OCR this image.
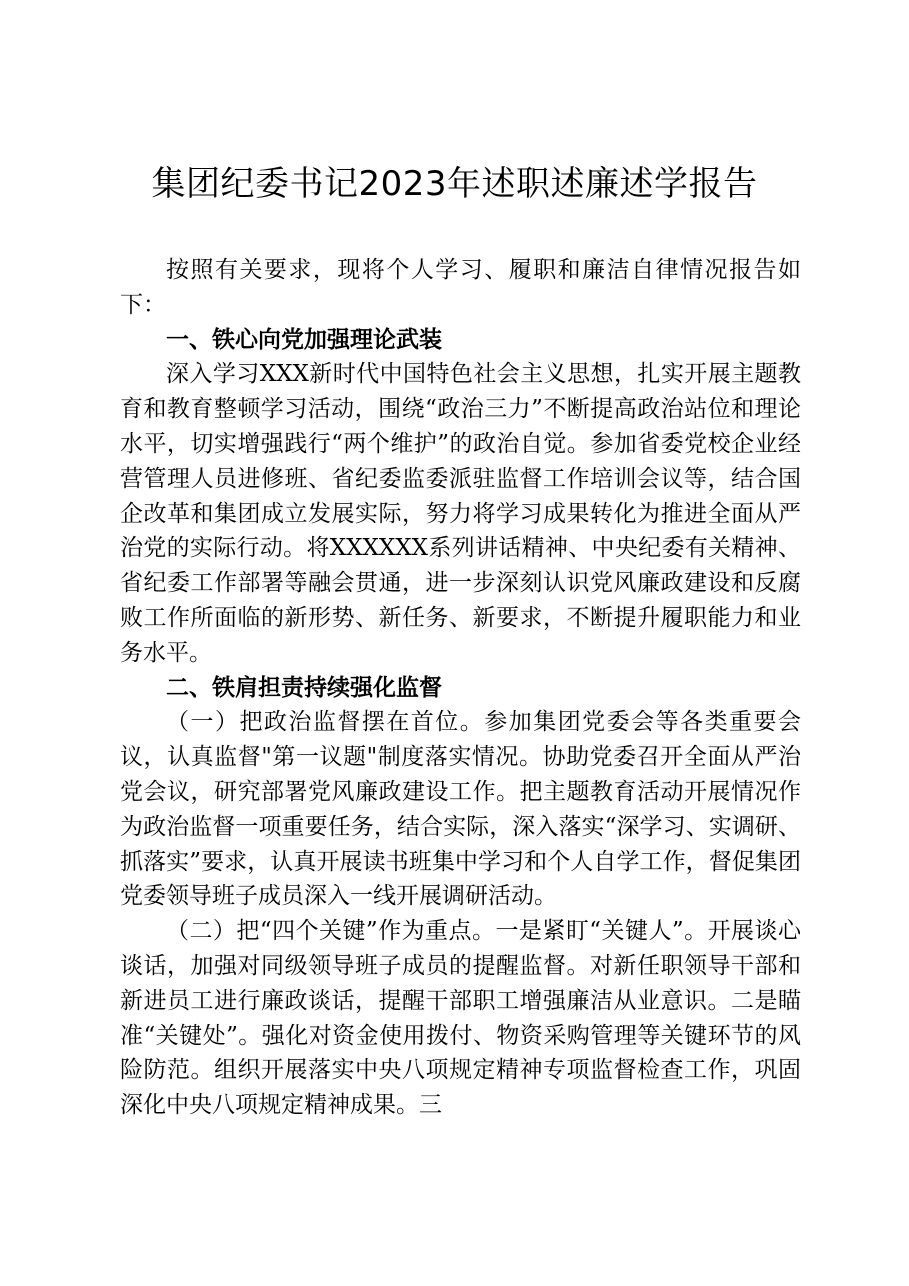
集团纪委书记2023年述职述廉述学报告

按照有关要求，现将个人学习、履职和廉洁自律情况报告如下：

一、铁心向党加强理论武装

深入学习XXX新时代中国特色社会主义思想，扎实开展主题教育和教育整顿学习活动，围绕“政治三力”不断提高政治站位和理论水平，切实增强践行“两个维护”的政治自觉。参加省委党校企业经营管理人员进修班、省纪委监委派驻监督工作培训会议等，结合国企改革和集团成立发展实际，努力将学习成果转化为推进全面从严治党的实际行动。将XXXXXX系列讲话精神、中央纪委有关精神、省纪委工作部署等融会贯通，进一步深刻认识党风廉政建设和反腐败工作所面临的新形势、新任务、新要求，不断提升履职能力和业务水平。

二、铁肩担责持续强化监督

（一）把政治监督摆在首位。参加集团党委会等各类重要会议，认真监督"第一议题"制度落实情况。协助党委召开全面从严治党会议，研究部署党风廉政建设工作。把主题教育活动开展情况作为政治监督一项重要任务，结合实际，深入落实“深学习、实调研、抓落实”要求，认真开展读书班集中学习和个人自学工作，督促集团党委领导班子成员深入一线开展调研活动。

（二）把“四个关键”作为重点。一是紧盯“关键人”。开展谈心谈话，加强对同级领导班子成员的提醒监督。对新任职领导干部和新进员工进行廉政谈话，提醒干部职工增强廉洁从业意识。二是瞄准“关键处”。强化对资金使用拨付、物资采购管理等关键环节的风险防范。组织开展落实中央八项规定精神专项监督检查工作，巩固深化中央八项规定精神成果。三
